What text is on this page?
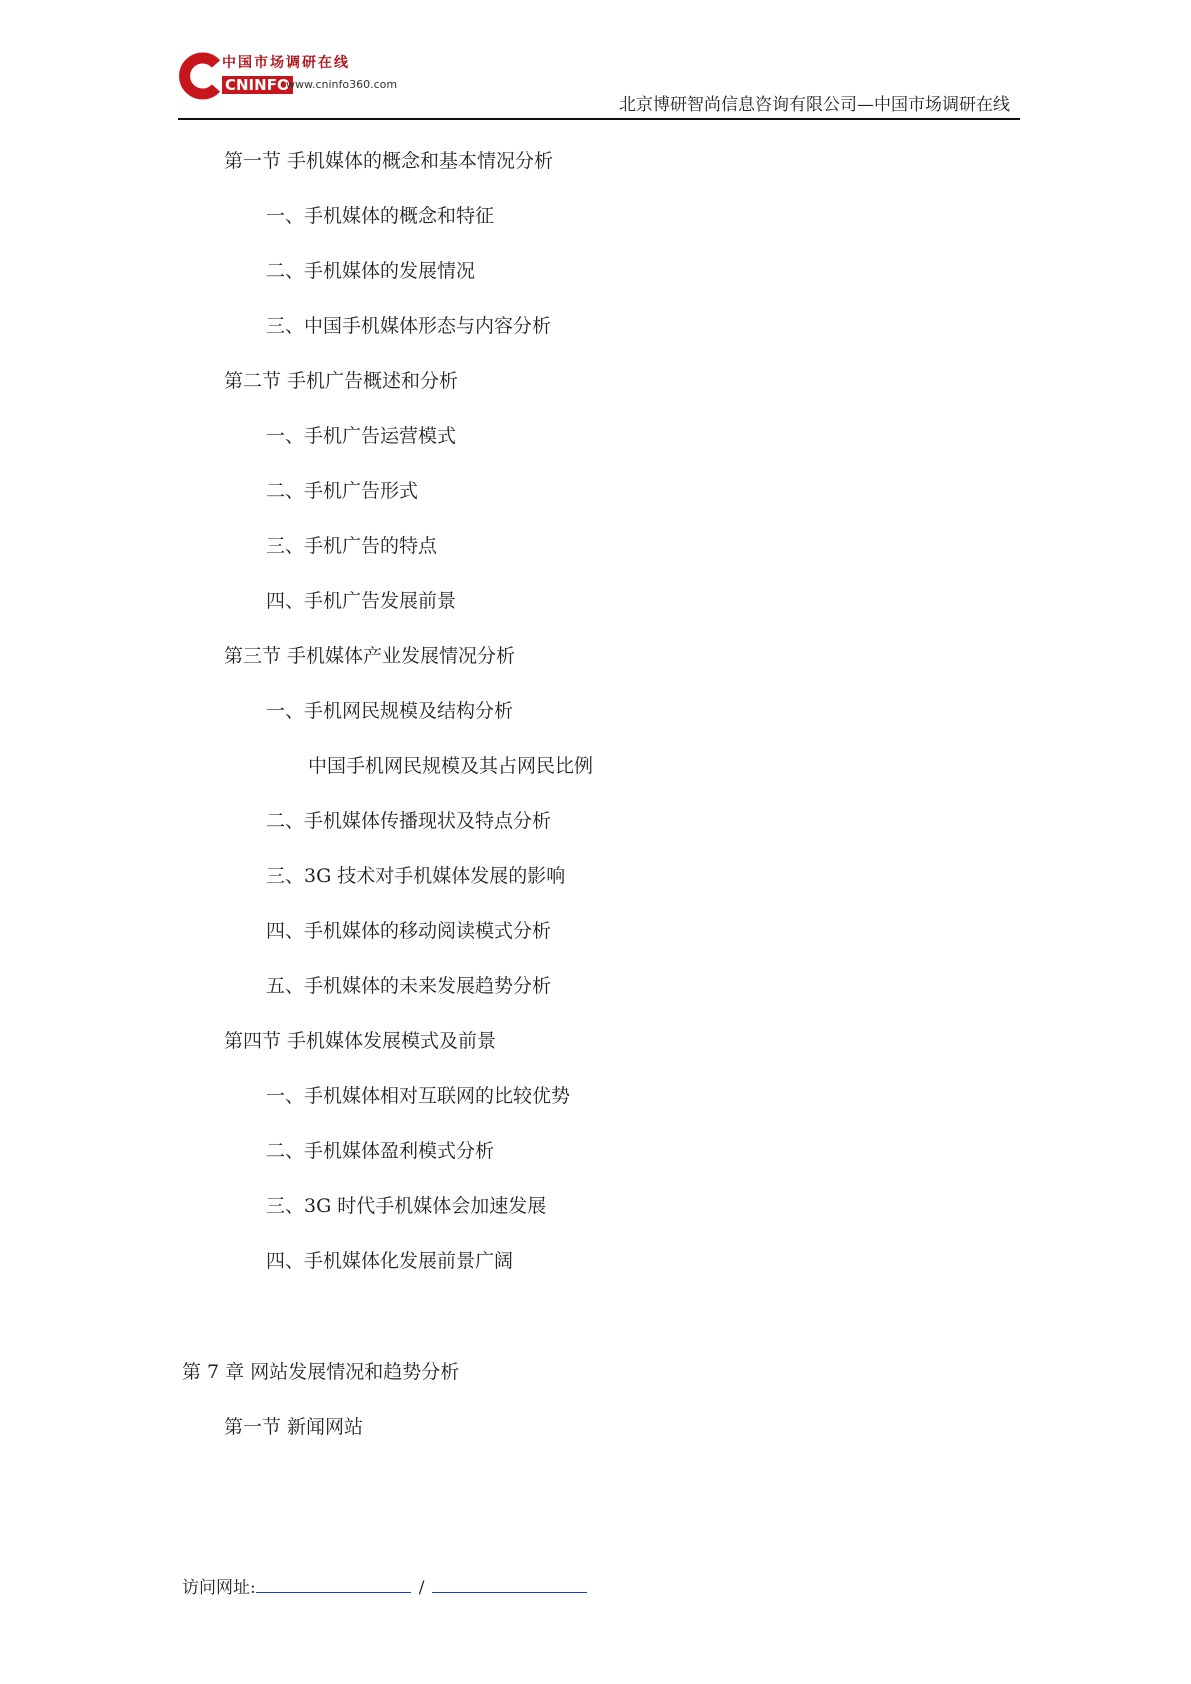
中国市场调研在线
CNINFO
www.cninfo360.com
北京博研智尚信息咨询有限公司—中国市场调研在线
第一节 手机媒体的概念和基本情况分析
一、手机媒体的概念和特征
二、手机媒体的发展情况
三、中国手机媒体形态与内容分析
第二节 手机广告概述和分析
一、手机广告运营模式
二、手机广告形式
三、手机广告的特点
四、手机广告发展前景
第三节 手机媒体产业发展情况分析
一、手机网民规模及结构分析
中国手机网民规模及其占网民比例
二、手机媒体传播现状及特点分析
三、3G 技术对手机媒体发展的影响
四、手机媒体的移动阅读模式分析
五、手机媒体的未来发展趋势分析
第四节 手机媒体发展模式及前景
一、手机媒体相对互联网的比较优势
二、手机媒体盈利模式分析
三、3G 时代手机媒体会加速发展
四、手机媒体化发展前景广阔
第 7 章 网站发展情况和趋势分析
第一节 新闻网站
访问网址:	/
